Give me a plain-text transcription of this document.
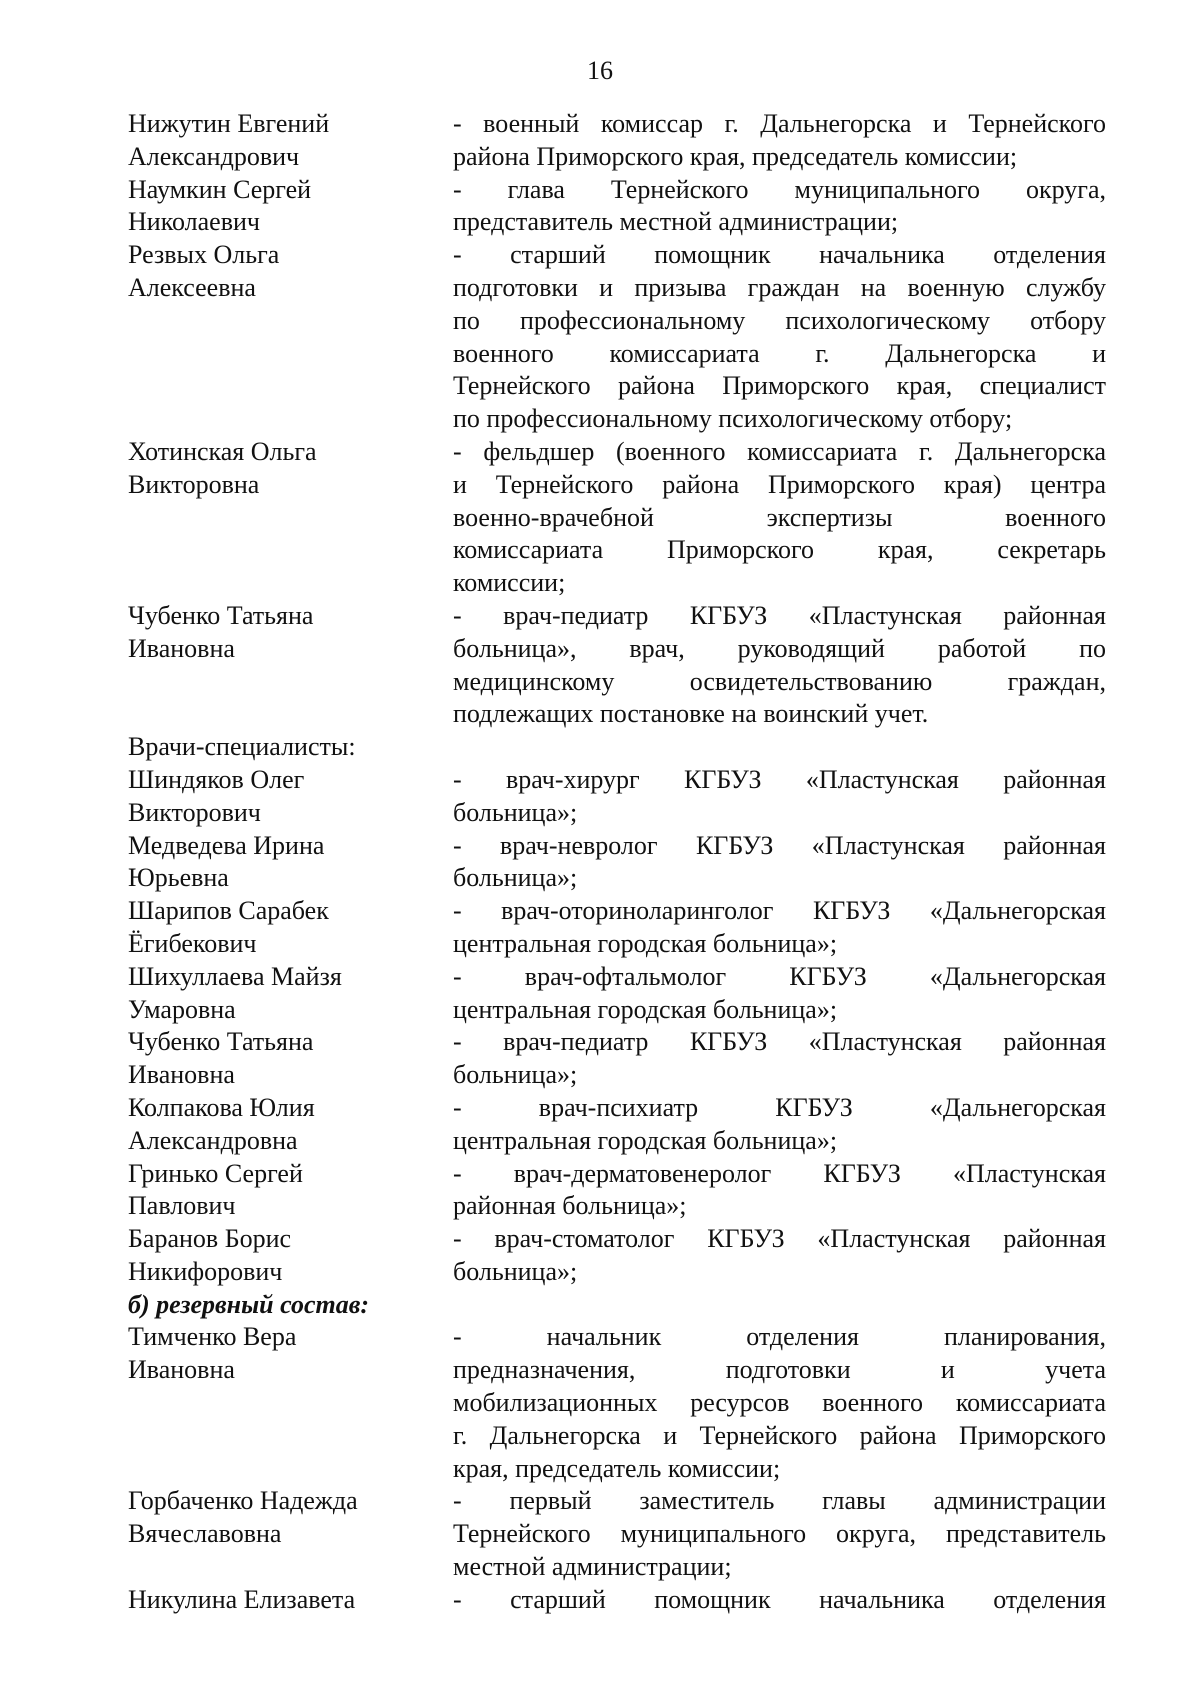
16
Нижутин Евгений
Александрович
- военный комиссар г. Дальнегорска и Тернейского
района Приморского края, председатель комиссии;
Наумкин Сергей
Николаевич
- глава Тернейского муниципального округа,
представитель местной администрации;
Резвых Ольга
Алексеевна
- старший помощник начальника отделения
подготовки и призыва граждан на военную службу
по профессиональному психологическому отбору
военного комиссариата г. Дальнегорска и
Тернейского района Приморского края, специалист
по профессиональному психологическому отбору;
Хотинская Ольга
Викторовна
- фельдшер (военного комиссариата г. Дальнегорска
и Тернейского района Приморского края) центра
военно-врачебной экспертизы военного
комиссариата Приморского края, секретарь
комиссии;
Чубенко Татьяна
Ивановна
- врач-педиатр КГБУЗ «Пластунская районная
больница», врач, руководящий работой по
медицинскому освидетельствованию граждан,
подлежащих постановке на воинский учет.
Врачи-специалисты:
Шиндяков Олег
Викторович
- врач-хирург КГБУЗ «Пластунская районная
больница»;
Медведева Ирина
Юрьевна
- врач-невролог КГБУЗ «Пластунская районная
больница»;
Шарипов Сарабек
Ёгибекович
- врач-оториноларинголог КГБУЗ «Дальнегорская
центральная городская больница»;
Шихуллаева Майзя
Умаровна
- врач-офтальмолог КГБУЗ «Дальнегорская
центральная городская больница»;
Чубенко Татьяна
Ивановна
- врач-педиатр КГБУЗ «Пластунская районная
больница»;
Колпакова Юлия
Александровна
- врач-психиатр КГБУЗ «Дальнегорская
центральная городская больница»;
Гринько Сергей
Павлович
- врач-дерматовенеролог КГБУЗ «Пластунская
районная больница»;
Баранов Борис
Никифорович
- врач-стоматолог КГБУЗ «Пластунская районная
больница»;
б) резервный состав:
Тимченко Вера
Ивановна
- начальник отделения планирования,
предназначения, подготовки и учета
мобилизационных ресурсов военного комиссариата
г. Дальнегорска и Тернейского района Приморского
края, председатель комиссии;
Горбаченко Надежда
Вячеславовна
- первый заместитель главы администрации
Тернейского муниципального округа, представитель
местной администрации;
Никулина Елизавета	- старший помощник начальника отделения
